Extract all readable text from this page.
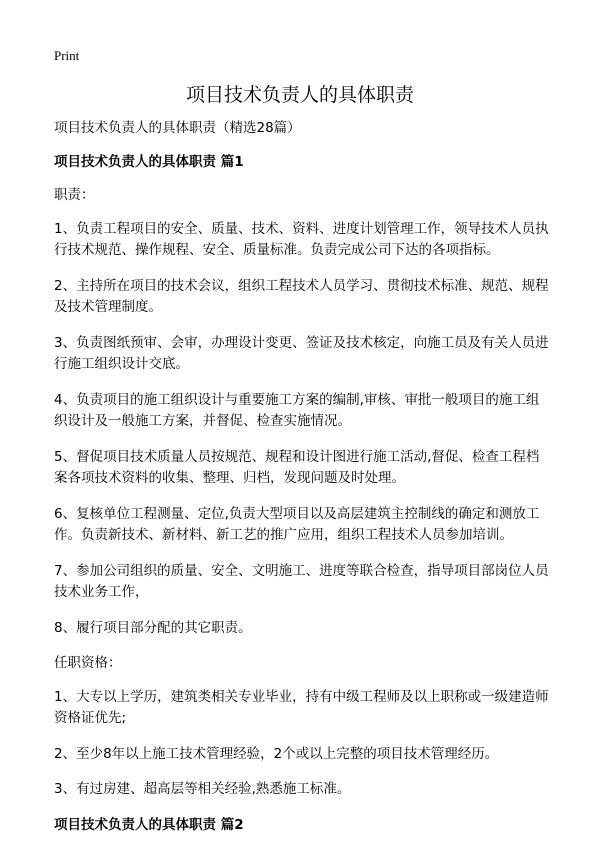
Print
项目技术负责人的具体职责

项目技术负责人的具体职责（精选28篇）

项目技术负责人的具体职责 篇1

职责：

1、负责工程项目的安全、质量、技术、资料、进度计划管理工作，领导技术人员执行技术规范、操作规程、安全、质量标准。负责完成公司下达的各项指标。

2、主持所在项目的技术会议，组织工程技术人员学习、贯彻技术标准、规范、规程及技术管理制度。

3、负责图纸预审、会审，办理设计变更、签证及技术核定，向施工员及有关人员进行施工组织设计交底。

4、负责项目的施工组织设计与重要施工方案的编制,审核、审批一般项目的施工组织设计及一般施工方案，并督促、检查实施情况。

5、督促项目技术质量人员按规范、规程和设计图进行施工活动,督促、检查工程档案各项技术资料的收集、整理、归档，发现问题及时处理。

6、复核单位工程测量、定位,负责大型项目以及高层建筑主控制线的确定和测放工作。负责新技术、新材料、新工艺的推广应用，组织工程技术人员参加培训。

7、参加公司组织的质量、安全、文明施工、进度等联合检查，指导项目部岗位人员技术业务工作，

8、履行项目部分配的其它职责。

任职资格：

1、大专以上学历，建筑类相关专业毕业，持有中级工程师及以上职称或一级建造师资格证优先;

2、至少8年以上施工技术管理经验，2个或以上完整的项目技术管理经历。

3、有过房建、超高层等相关经验,熟悉施工标准。

项目技术负责人的具体职责 篇2
